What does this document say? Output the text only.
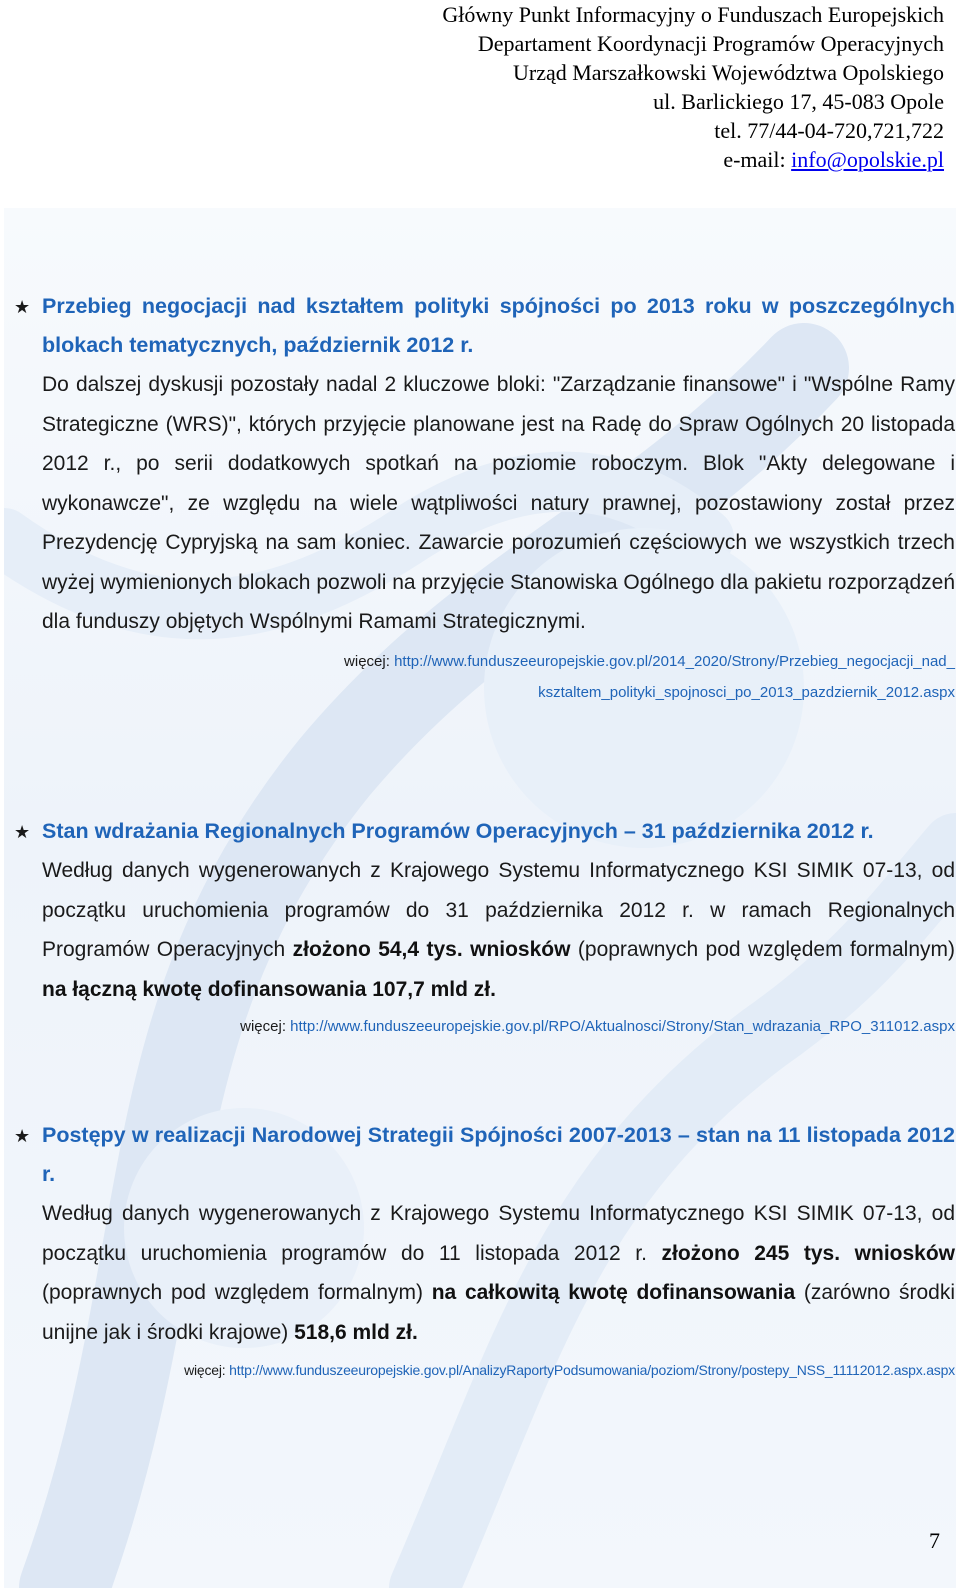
Główny Punkt Informacyjny o Funduszach Europejskich
Departament Koordynacji Programów Operacyjnych
Urząd Marszałkowski Województwa Opolskiego
ul. Barlickiego 17, 45-083 Opole
tel. 77/44-04-720,721,722
e-mail: info@opolskie.pl
★ Przebieg negocjacji nad kształtem polityki spójności po 2013 roku w poszczególnych blokach tematycznych, październik 2012 r.
Do dalszej dyskusji pozostały nadal 2 kluczowe bloki: "Zarządzanie finansowe" i "Wspólne Ramy Strategiczne (WRS)", których przyjęcie planowane jest na Radę do Spraw Ogólnych 20 listopada 2012 r., po serii dodatkowych spotkań na poziomie roboczym. Blok "Akty delegowane i wykonawcze", ze względu na wiele wątpliwości natury prawnej, pozostawiony został przez Prezydencję Cypryjską na sam koniec. Zawarcie porozumień częściowych we wszystkich trzech wyżej wymienionych blokach pozwoli na przyjęcie Stanowiska Ogólnego dla pakietu rozporządzeń dla funduszy objętych Wspólnymi Ramami Strategicznymi.
więcej: http://www.funduszeeuropejskie.gov.pl/2014_2020/Strony/Przebieg_negocjacji_nad_
ksztaltem_polityki_spojnosci_po_2013_pazdziernik_2012.aspx
★ Stan wdrażania Regionalnych Programów Operacyjnych – 31 października 2012 r.
Według danych wygenerowanych z Krajowego Systemu Informatycznego KSI SIMIK 07-13, od początku uruchomienia programów do 31 października 2012 r. w ramach Regionalnych Programów Operacyjnych złożono 54,4 tys. wniosków (poprawnych pod względem formalnym) na łączną kwotę dofinansowania 107,7 mld zł.
więcej: http://www.funduszeeuropejskie.gov.pl/RPO/Aktualnosci/Strony/Stan_wdrazania_RPO_311012.aspx
★ Postępy w realizacji Narodowej Strategii Spójności 2007-2013 – stan na 11 listopada 2012 r.
Według danych wygenerowanych z Krajowego Systemu Informatycznego KSI SIMIK 07-13, od początku uruchomienia programów do 11 listopada 2012 r. złożono 245 tys. wniosków (poprawnych pod względem formalnym) na całkowitą kwotę dofinansowania (zarówno środki unijne jak i środki krajowe) 518,6 mld zł.
więcej: http://www.funduszeeuropejskie.gov.pl/AnalizyRaportyPodsumowania/poziom/Strony/postepy_NSS_11112012.aspx.aspx
7
